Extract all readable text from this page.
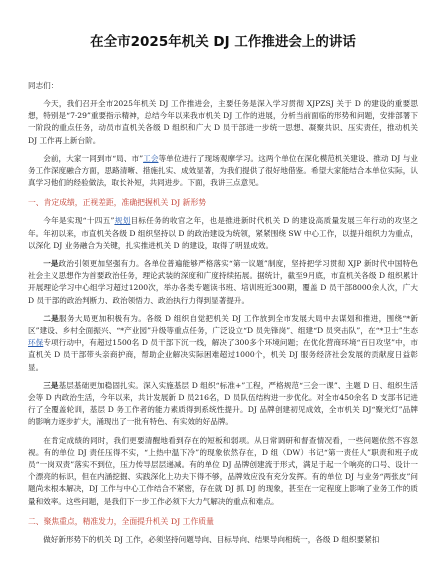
在全市2025年机关 DJ 工作推进会上的讲话
同志们：

今天，我们召开全市2025年机关 DJ 工作推进会，主要任务是深入学习贯彻 XJPZSJ 关于 D 的建设的重要思想，特别是“7·29”重要指示精神，总结今年以来我市机关 DJ 工作的进展，分析当前面临的形势和问题，安排部署下一阶段的重点任务，动员市直机关各级 D 组织和广大 D 员干部进一步统一思想、凝聚共识、压实责任，推动机关 DJ 工作再上新台阶。

会前，大家一同到市“局、市”工会等单位进行了现场观摩学习。这两个单位在深化模范机关建设、推动 DJ 与业务工作深度融合方面，思路清晰、措施扎实、成效显著，为我们提供了很好地借鉴。希望大家能结合本单位实际，认真学习他们的经验做法，取长补短，共同进步。下面，我讲三点意见。

一、肯定成绩，正视差距，准确把握机关 DJ 新形势

今年是实现“十四五”规划目标任务的收官之年，也是推进新时代机关 D 的建设高质量发展三年行动的攻坚之年。年初以来，市直机关各级 D 组织坚持以 D 的政治建设为统领，紧紧围绕 SW 中心工作，以提升组织力为重点，以深化 DJ 业务融合为关键，扎实推进机关 D 的建设，取得了明显成效。

一是政治引领更加坚强有力。各单位普遍能够严格落实“第一议题”制度，坚持把学习贯彻 XJP 新时代中国特色社会主义思想作为首要政治任务，理论武装的深度和广度持续拓展。据统计，截至9月底，市直机关各级 D 组织累计开展理论学习中心组学习超过1200次，举办各类专题读书班、培训班近300期，覆盖 D 员干部8000余人次，广大 D 员干部的政治判断力、政治领悟力、政治执行力得到显著提升。

二是服务大局更加积极有为。各级 D 组织自觉把机关 DJ 工作放到全市发展大局中去谋划和推进，围绕“*新区”建设、乡村全面振兴、“*产业园”升级等重点任务，广泛设立“D 员先锋岗”、组建“D 员突击队”，在“*卫士”生态环保专项行动中，有超过1500名 D 员干部下沉一线，解决了300多个环境问题；在优化营商环境“百日攻坚”中，市直机关 D 员干部带头亲商护商，帮助企业解决实际困难超过1000个，机关 DJ 服务经济社会发展的贡献度日益彰显。

三是基层基础更加稳固扎实。深入实施基层 D 组织“标准+”工程，严格规范“三会一课”、主题 D 日、组织生活会等 D 内政治生活，今年以来，共计发展新 D 员216名，D 员队伍结构进一步优化。对全市450余名 D 支部书记进行了全覆盖轮训，基层 D 务工作者的能力素质得到系统性提升。DJ 品牌创建初见成效，全市机关 DJ“聚光灯”品牌的影响力逐步扩大，涌现出了一批有特色、有实效的好品牌。

在肯定成绩的同时，我们更要清醒地看到存在的短板和弱项。从日常调研和督查情况看，一些问题依然不容忽视。有的单位 DJ 责任压得不实，“上热中温下冷”的现象依然存在，D 组（DW）书记“第一责任人”职责和班子成员“一岗双责”落实不到位，压力传导层层递减。有的单位 DJ 品牌创建流于形式，满足于起一个响亮的口号、设计一个漂亮的标识，但在内涵挖掘、实践深化上功夫下得不够，品牌效应没有充分发挥。有的单位 DJ 与业务“两张皮”问题尚未根本解决，DJ 工作与中心工作结合不紧密，存在就 DJ 抓 DJ 的现象，甚至在一定程度上影响了业务工作的质量和效率。这些问题，是我们下一步工作必须下大力气解决的重点和难点。

二、聚焦重点，精准发力，全面提升机关 DJ 工作质量

做好新形势下的机关 DJ 工作，必须坚持问题导向、目标导向、结果导向相统一，各级 D 组织要紧扣
